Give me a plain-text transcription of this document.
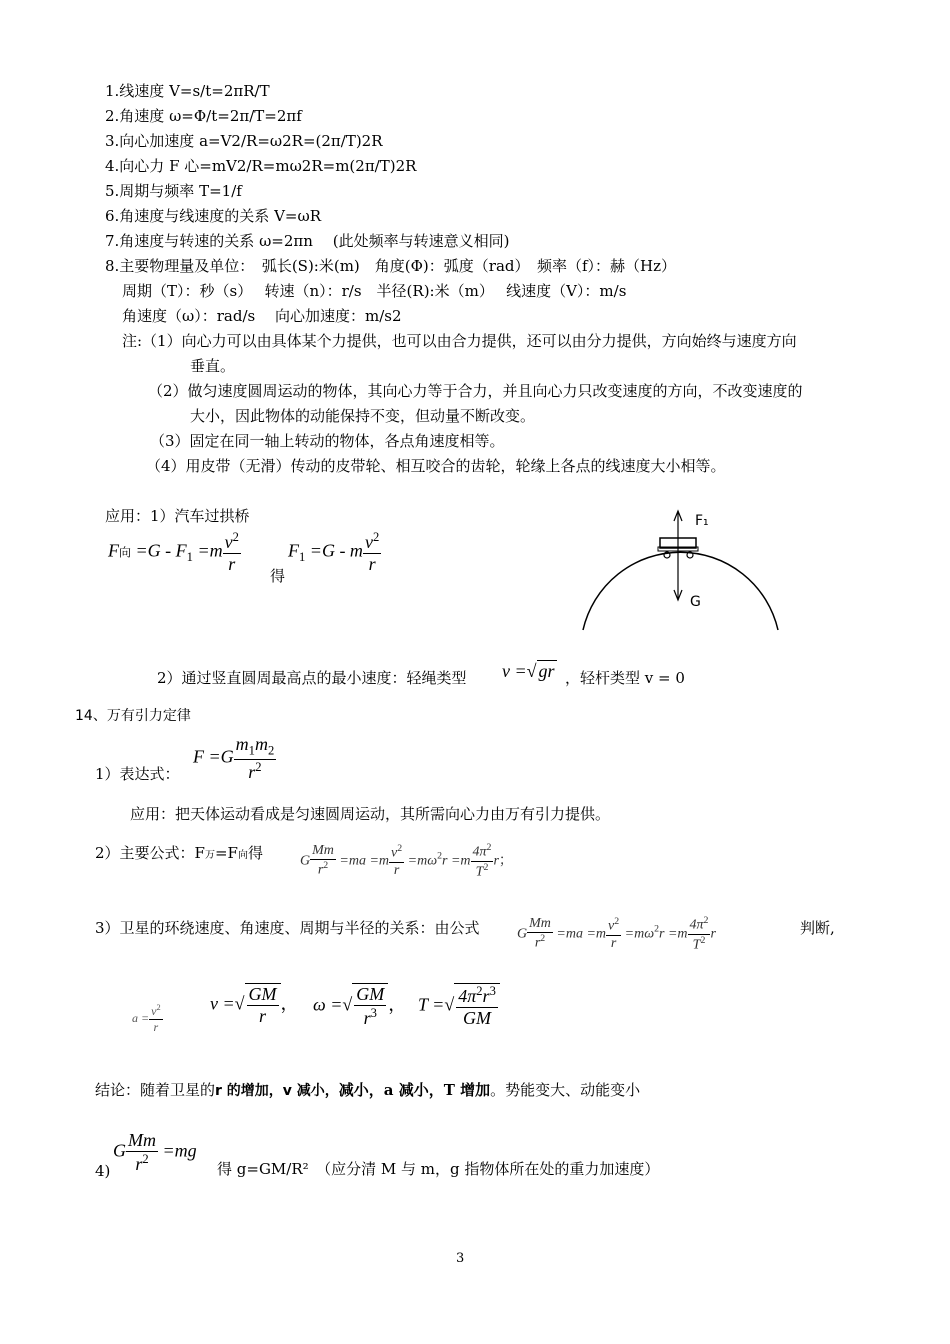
1.线速度 V=s/t=2πR/T
2.角速度 ω=Φ/t=2π/T=2πf
3.向心加速度 a=V2/R=ω2R=(2π/T)2R
4.向心力 F 心=mV2/R=mω2R=m(2π/T)2R
5.周期与频率 T=1/f
6.角速度与线速度的关系 V=ωR
7.角速度与转速的关系 ω=2πn　 (此处频率与转速意义相同)
8.主要物理量及单位：　弧长(S):米(m)　角度(Φ)：弧度（rad）　频率（f）：赫（Hz）
周期（T）：秒（s）　 转速（n）：r/s　半径(R):米（m）　 线速度（V）：m/s
角速度（ω）：rad/s　 向心加速度：m/s2
注:（1）向心力可以由具体某个力提供，也可以由合力提供，还可以由分力提供，方向始终与速度方向
垂直。
（2）做匀速度圆周运动的物体，其向心力等于合力，并且向心力只改变速度的方向，不改变速度的
大小，因此物体的动能保持不变，但动量不断改变。
（3）固定在同一轴上转动的物体，各点角速度相等。
（4）用皮带（无滑）传动的皮带轮、相互咬合的齿轮，轮缘上各点的线速度大小相等。
应用：1）汽车过拱桥
F向 $=G - F_1 =m \frac{v^2}{r}$
得
$F_1 =G - m \frac{v^2}{r}$
F₁
G
2）通过竖直圆周最高点的最小速度：轻绳类型 v =√ gr ，轻杆类型 v = 0
14、万有引力定律
$F =G \frac{m_1m_2}{r^2}$
1）表达式：
应用：把天体运动看成是匀速圆周运动，其所需向心力由万有引力提供。
2）主要公式：F万=F向得	G $\frac{Mm}{r^2} =ma =m \frac{v^2}{r} =m\omega^2r =m \frac{4\pi^2}{T^2}$ r；
3）卫星的环绕速度、角速度、周期与半径的关系：由公式	G $\frac{Mm}{r^2} =ma =m \frac{v^2}{r} =m\omega^2r =m \frac{4\pi^2}{T^2}$ r	判断,
$a = \frac{v^2}{r}$	v =√ $\frac{GM}{r}$ ， ω =√ $\frac{GM}{r^3}$ ， T =√ $\frac{4\pi^2r^3}{GM}$
结论：随着卫星的r 的增加，v 减小，减小，a 减小，T 增加。势能变大、动能变小
G $\frac{Mm}{r^2} =mg$
4)	得 g=GM/R²　（应分清 M 与 m，g 指物体所在处的重力加速度）
3
